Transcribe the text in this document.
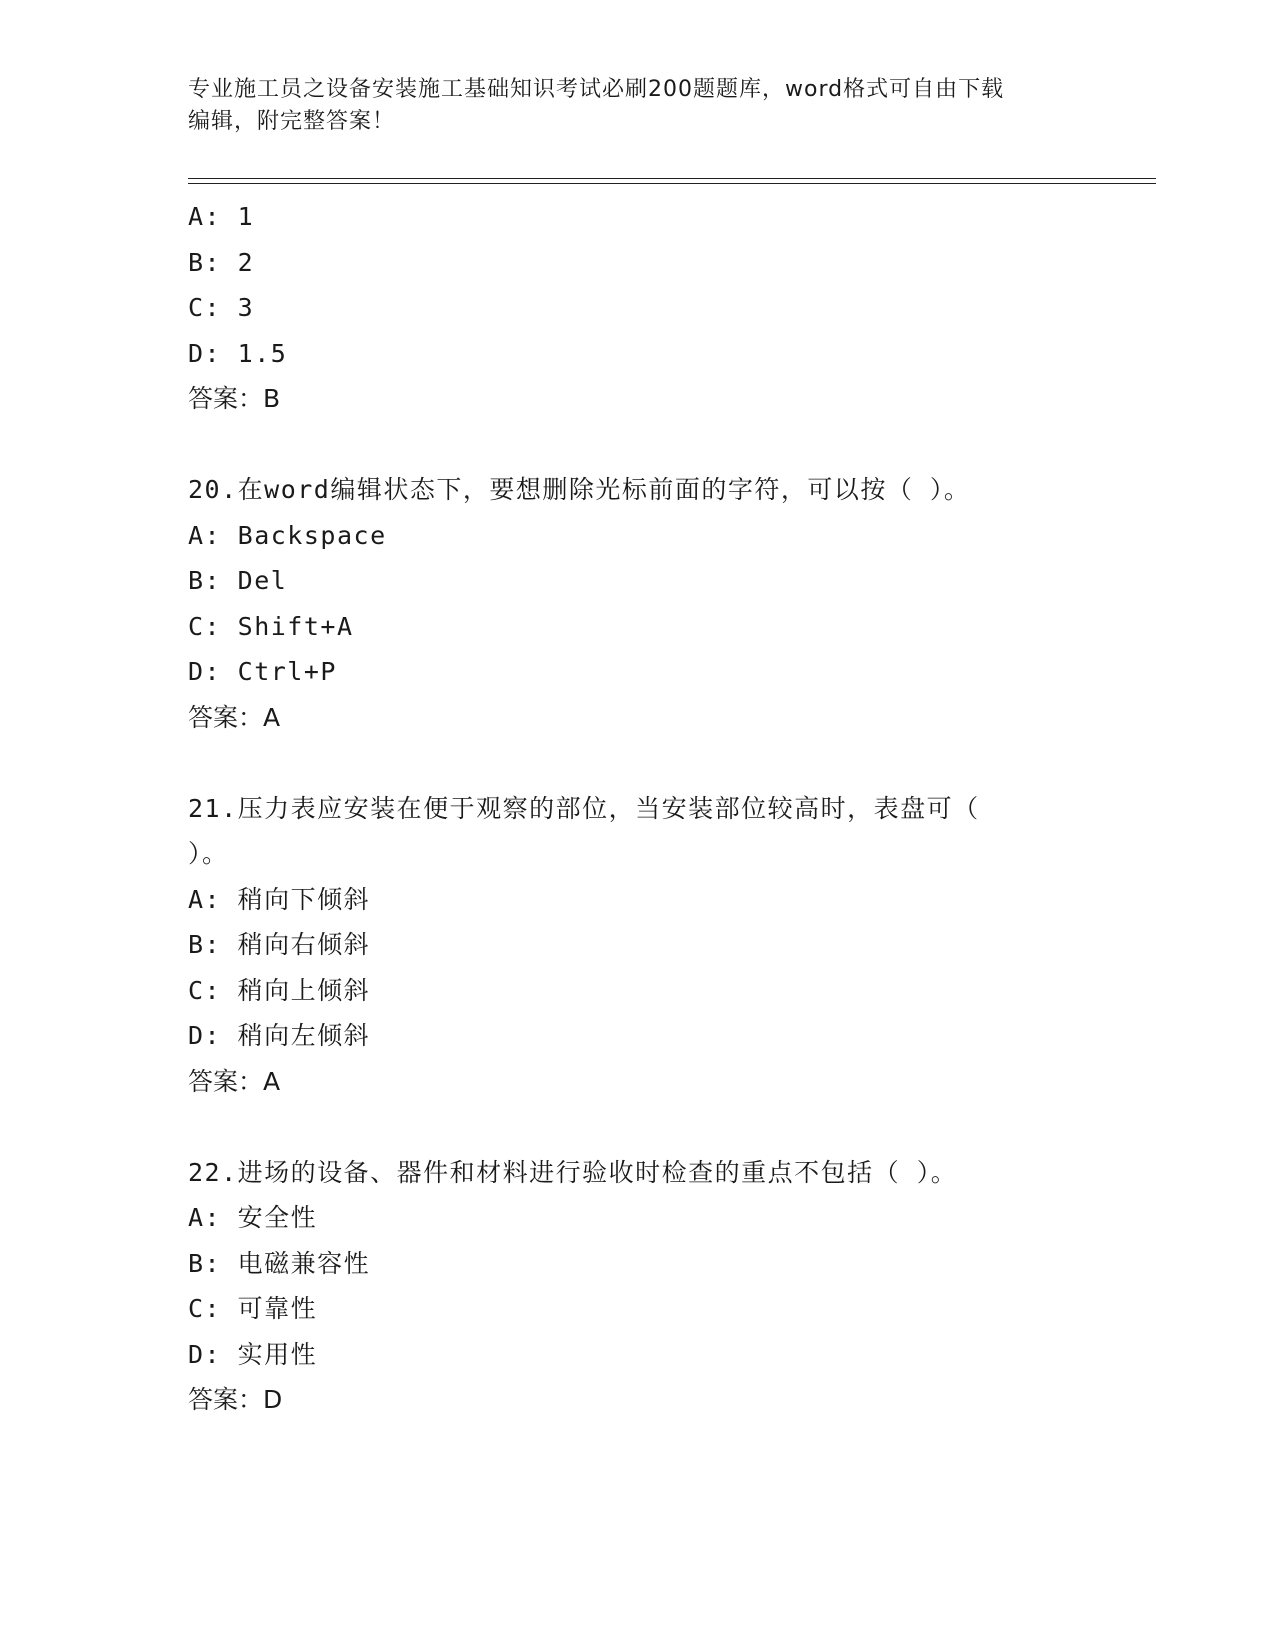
专业施工员之设备安装施工基础知识考试必刷200题题库，word格式可自由下载
编辑，附完整答案！
A: 1
B: 2
C: 3
D: 1.5
答案：B
20.在word编辑状态下，要想删除光标前面的字符，可以按（ ）。
A: Backspace
B: Del
C: Shift+A
D: Ctrl+P
答案：A
21.压力表应安装在便于观察的部位，当安装部位较高时，表盘可（
）。
A: 稍向下倾斜
B: 稍向右倾斜
C: 稍向上倾斜
D: 稍向左倾斜
答案：A
22.进场的设备、器件和材料进行验收时检查的重点不包括（ ）。
A: 安全性
B: 电磁兼容性
C: 可靠性
D: 实用性
答案：D
